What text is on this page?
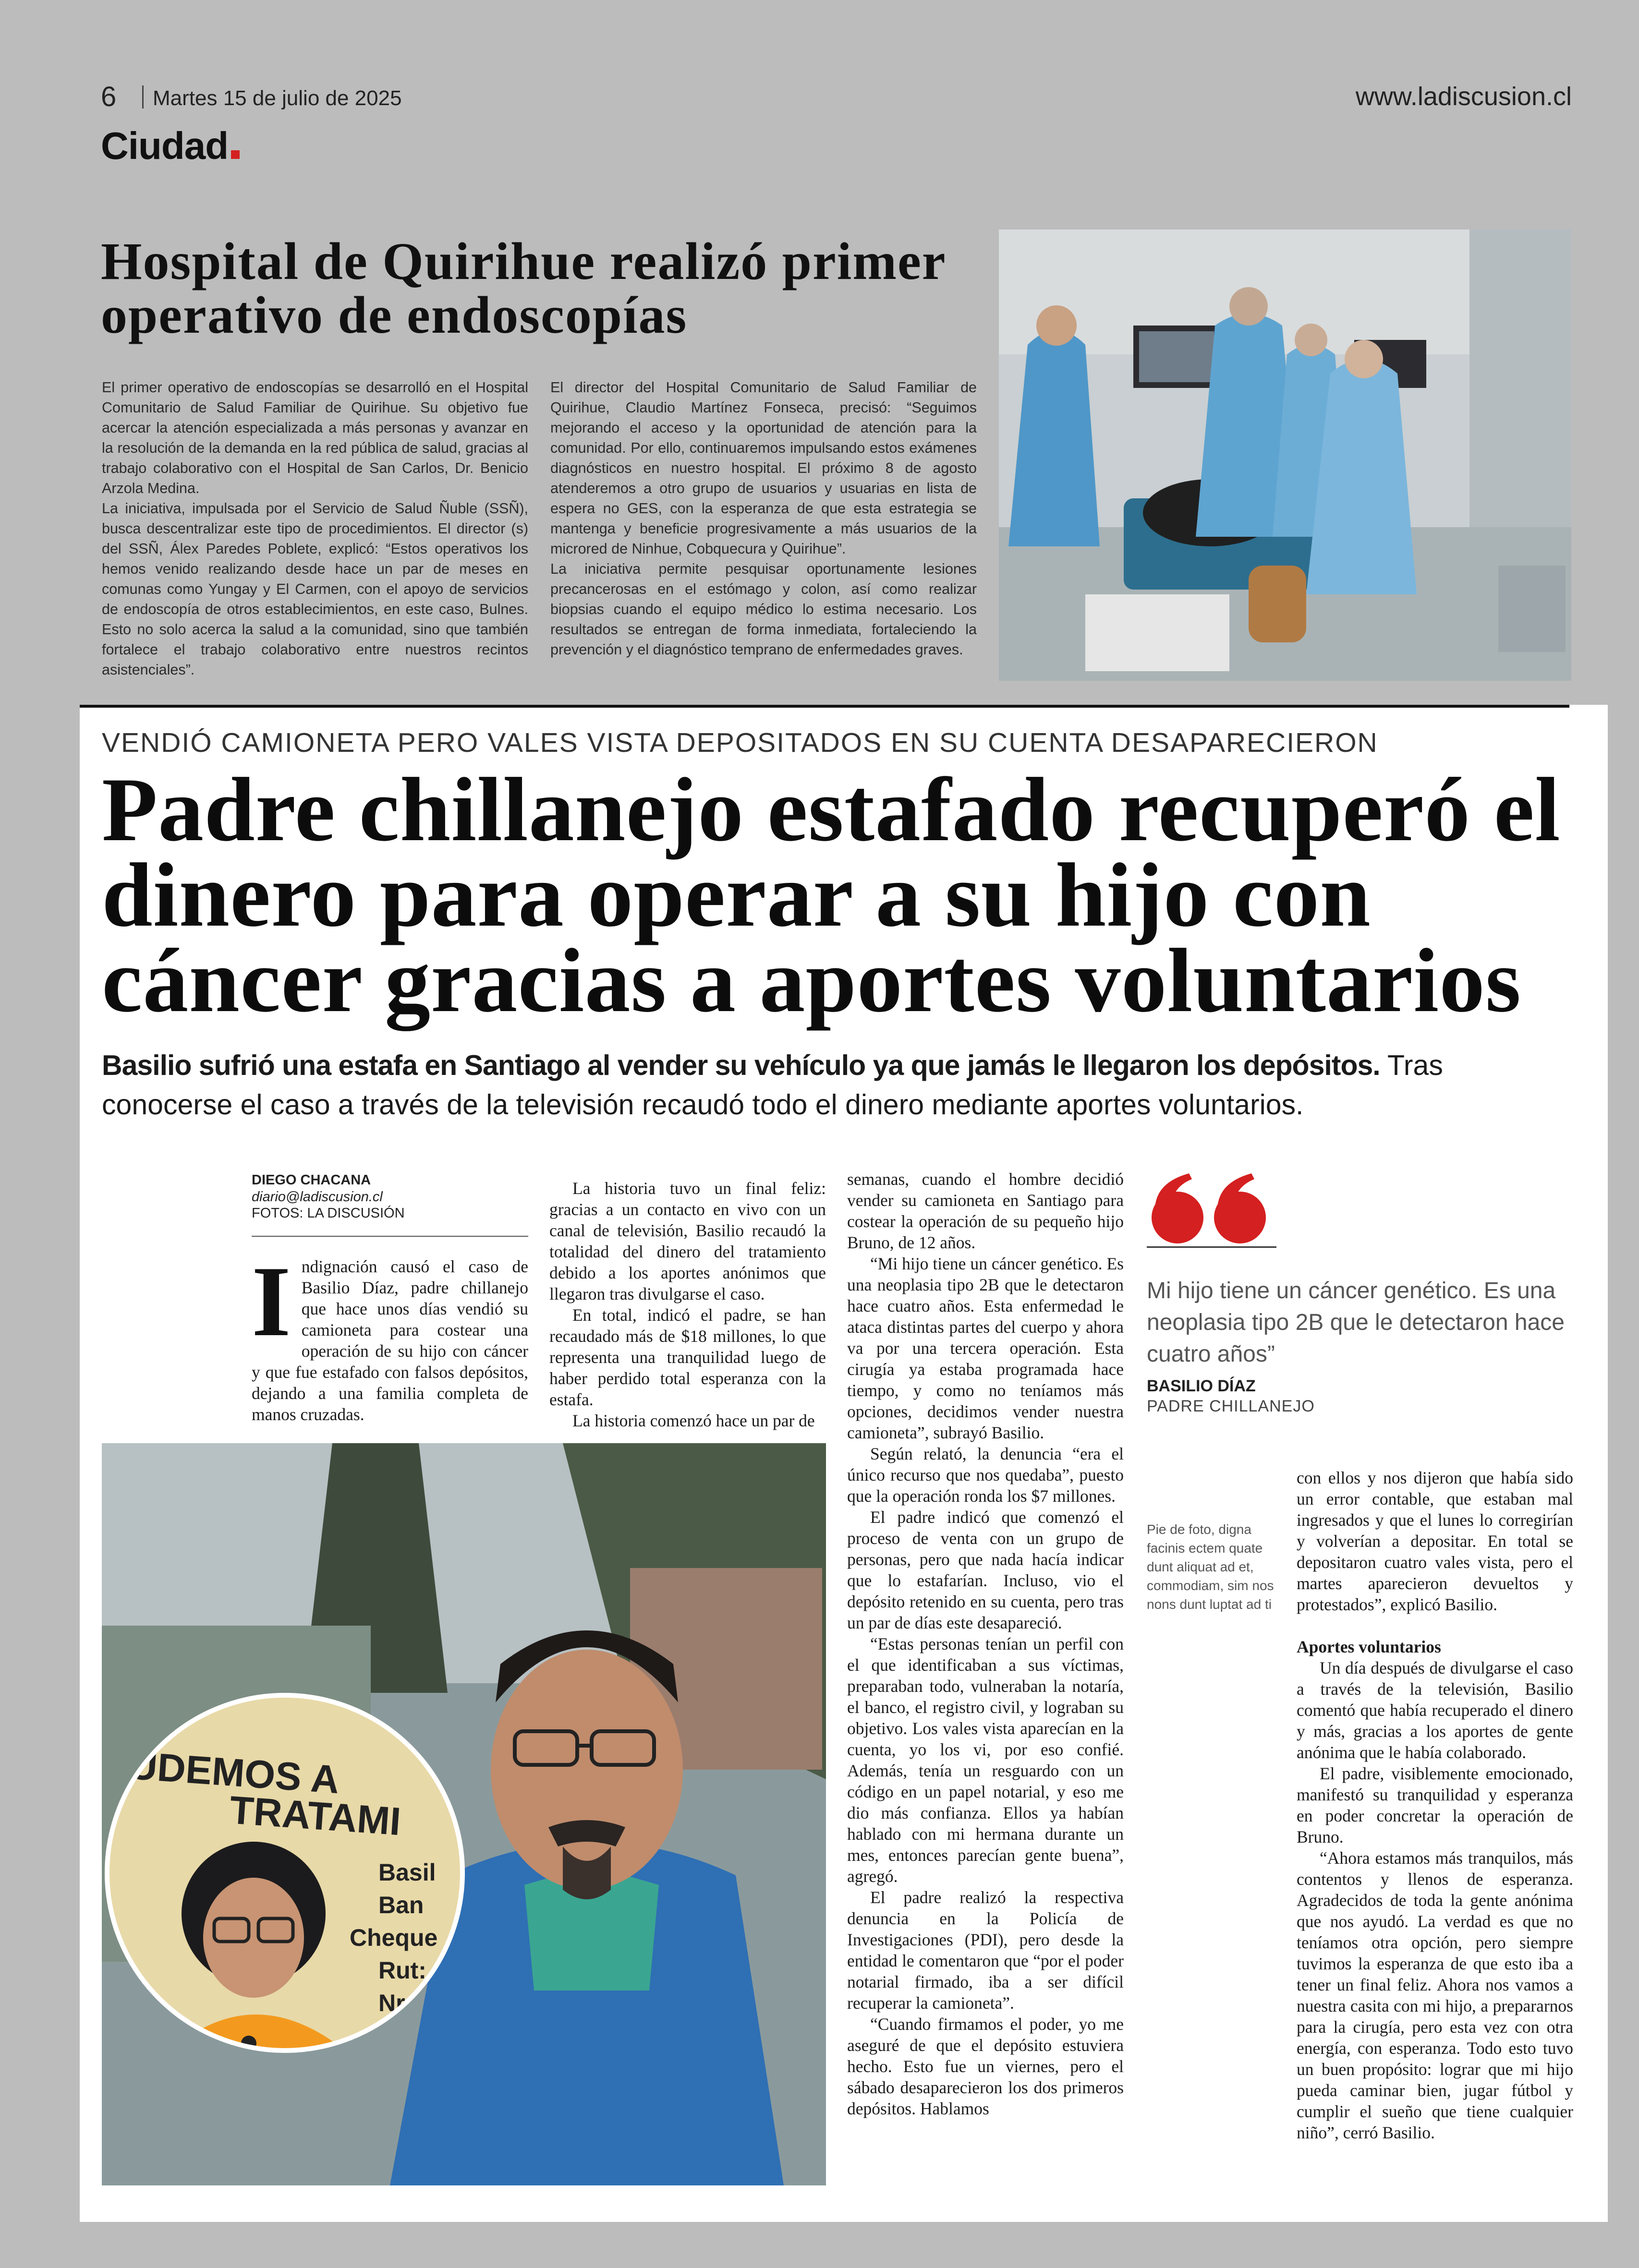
6 Martes 15 de julio de 2025	www.ladiscusion.cl
Ciudad
Hospital de Quirihue realizó primer operativo de endoscopías

El primer operativo de endoscopías se desarrolló en el Hospital Comunitario de Salud Familiar de Quirihue. Su objetivo fue acercar la atención especializada a más personas y avanzar en la resolución de la demanda en la red pública de salud, gracias al trabajo colaborativo con el Hospital de San Carlos, Dr. Benicio Arzola Medina.

La iniciativa, impulsada por el Servicio de Salud Ñuble (SSÑ), busca descentralizar este tipo de procedimientos. El director (s) del SSÑ, Álex Paredes Poblete, explicó: “Estos operativos los hemos venido realizando desde hace un par de meses en comunas como Yungay y El Carmen, con el apoyo de servicios de endoscopía de otros establecimientos, en este caso, Bulnes. Esto no solo acerca la salud a la comunidad, sino que también fortalece el trabajo colaborativo entre nuestros recintos asistenciales”.

El director del Hospital Comunitario de Salud Familiar de Quirihue, Claudio Martínez Fonseca, precisó: “Seguimos mejorando el acceso y la oportunidad de atención para la comunidad. Por ello, continuaremos impulsando estos exámenes diagnósticos en nuestro hospital. El próximo 8 de agosto atenderemos a otro grupo de usuarios y usuarias en lista de espera no GES, con la esperanza de que esta estrategia se mantenga y beneficie progresivamente a más usuarios de la microred de Ninhue, Cobquecura y Quirihue”.

La iniciativa permite pesquisar oportunamente lesiones precancerosas en el estómago y colon, así como realizar biopsias cuando el equipo médico lo estima necesario. Los resultados se entregan de forma inmediata, fortaleciendo la prevención y el diagnóstico temprano de enfermedades graves.

VENDIÓ CAMIONETA PERO VALES VISTA DEPOSITADOS EN SU CUENTA DESAPARECIERON
Padre chillanejo estafado recuperó el dinero para operar a su hijo con cáncer gracias a aportes voluntarios
Basilio sufrió una estafa en Santiago al vender su vehículo ya que jamás le llegaron los depósitos. Tras conocerse el caso a través de la televisión recaudó todo el dinero mediante aportes voluntarios.
DIEGO CHACANA
diario@ladiscusion.cl
FOTOS: LA DISCUSIÓN
I ndignación causó el caso de Basilio Díaz, padre chillanejo que hace unos días vendió su camioneta para costear una operación de su hijo con cáncer y que fue estafado con falsos depósitos, dejando a una familia completa de manos cruzadas.

La historia tuvo un final feliz: gracias a un contacto en vivo con un canal de televisión, Basilio recaudó la totalidad del dinero del tratamiento debido a los aportes anónimos que llegaron tras divulgarse el caso.

En total, indicó el padre, se han recaudado más de $18 millones, lo que representa una tranquilidad luego de haber perdido total esperanza con la estafa.

La historia comenzó hace un par de

semanas, cuando el hombre decidió vender su camioneta en Santiago para costear la operación de su pequeño hijo Bruno, de 12 años.

“Mi hijo tiene un cáncer genético. Es una neoplasia tipo 2B que le detectaron hace cuatro años. Esta enfermedad le ataca distintas partes del cuerpo y ahora va por una tercera operación. Esta cirugía ya estaba programada hace tiempo, y como no teníamos más opciones, decidimos vender nuestra camioneta”, subrayó Basilio.

Según relató, la denuncia “era el único recurso que nos quedaba”, puesto que la operación ronda los $7 millones.

El padre indicó que comenzó el proceso de venta con un grupo de personas, pero que nada hacía indicar que lo estafarían. Incluso, vio el depósito retenido en su cuenta, pero tras un par de días este desapareció.

“Estas personas tenían un perfil con el que identificaban a sus víctimas, preparaban todo, vulneraban la notaría, el banco, el registro civil, y lograban su objetivo. Los vales vista aparecían en la cuenta, yo los vi, por eso confié. Además, tenía un resguardo con un código en un papel notarial, y eso me dio más confianza. Ellos ya habían hablado con mi hermana durante un mes, entonces parecían gente buena”, agregó.

El padre realizó la respectiva denuncia en la Policía de Investigaciones (PDI), pero desde la entidad le comentaron que “por el poder notarial firmado, iba a ser difícil recuperar la camioneta”.

“Cuando firmamos el poder, yo me aseguré de que el depósito estuviera hecho. Esto fue un viernes, pero el sábado desaparecieron los dos primeros depósitos. Hablamos

con ellos y nos dijeron que había sido un error contable, que estaban mal ingresados y que el lunes lo corregirían y volverían a depositar. En total se depositaron cuatro vales vista, pero el martes aparecieron devueltos y protestados”, explicó Basilio.

Aportes voluntarios

Un día después de divulgarse el caso a través de la televisión, Basilio comentó que había recuperado el dinero y más, gracias a los aportes de gente anónima que le había colaborado.

El padre, visiblemente emocionado, manifestó su tranquilidad y esperanza en poder concretar la operación de Bruno.

“Ahora estamos más tranquilos, más contentos y llenos de esperanza. Agradecidos de toda la gente anónima que nos ayudó. La verdad es que no teníamos otra opción, pero siempre tuvimos la esperanza de que esto iba a tener un final feliz. Ahora nos vamos a nuestra casita con mi hijo, a prepararnos para la cirugía, pero esta vez con otra energía, con esperanza. Todo esto tuvo un buen propósito: lograr que mi hijo pueda caminar bien, jugar fútbol y cumplir el sueño que tiene cualquier niño”, cerró Basilio.

UDEMOS A
TRATAMI
Basil
Ban
Cheque
Rut: 1
Nro:
basili
Mi hijo tiene un cáncer genético. Es una neoplasia tipo 2B que le detectaron hace cuatro años”
BASILIO DÍAZ
PADRE CHILLANEJO
Pie de foto, digna facinis ectem quate dunt aliquat ad et, commodiam, sim nos nons dunt luptat ad ti
